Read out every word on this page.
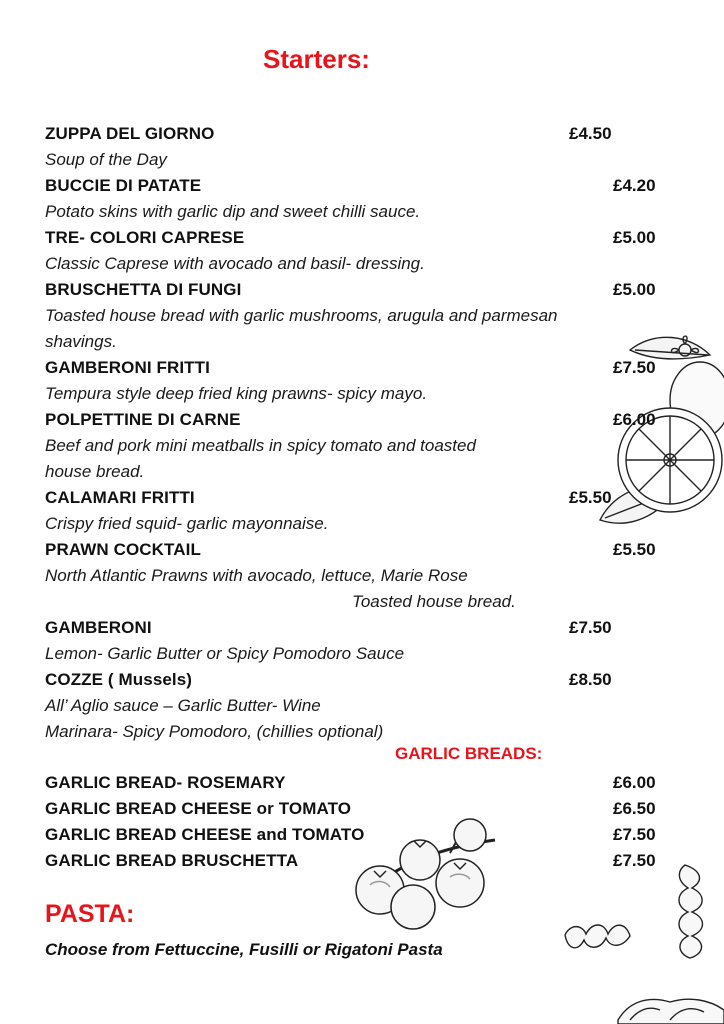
Starters:
ZUPPA DEL GIORNO	£4.50
Soup of the Day
BUCCIE DI PATATE	£4.20
Potato skins with garlic dip and sweet chilli sauce.
TRE- COLORI CAPRESE	£5.00
Classic Caprese with avocado and basil- dressing.
BRUSCHETTA DI FUNGI	£5.00
Toasted house bread with garlic mushrooms, arugula and parmesan
shavings.
GAMBERONI FRITTI	£7.50
Tempura style deep fried king prawns- spicy mayo.
POLPETTINE DI CARNE	£6.00
Beef and pork mini meatballs in spicy tomato and toasted
house bread.
CALAMARI FRITTI	£5.50
Crispy fried squid- garlic mayonnaise.
PRAWN COCKTAIL	£5.50
North Atlantic Prawns with avocado, lettuce, Marie Rose
Toasted house bread.
GAMBERONI	£7.50
Lemon- Garlic Butter or Spicy Pomodoro Sauce
COZZE ( Mussels)	£8.50
All’ Aglio sauce – Garlic Butter- Wine
Marinara- Spicy Pomodoro, (chillies optional)
GARLIC BREADS:
GARLIC BREAD- ROSEMARY	£6.00
GARLIC BREAD CHEESE or TOMATO	£6.50
GARLIC BREAD CHEESE and TOMATO	£7.50
GARLIC BREAD BRUSCHETTA	£7.50
PASTA:
Choose from Fettuccine, Fusilli or Rigatoni Pasta
